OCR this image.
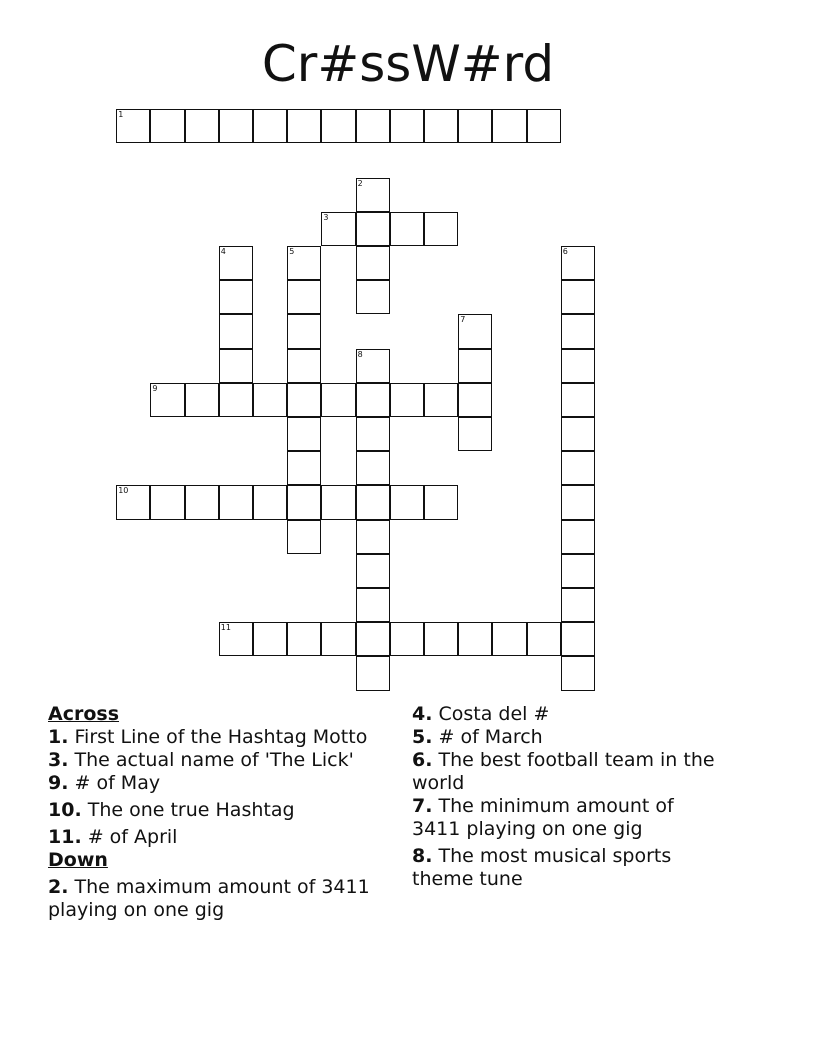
Cr#ssW#rd
1
2
3
4	5	6
7
8
9
10
11
Across
1. First Line of the Hashtag Motto
3. The actual name of 'The Lick'
9. # of May
10. The one true Hashtag
11. # of April
Down
2. The maximum amount of 3411 playing on one gig
4. Costa del #
5. # of March
6. The best football team in the world
7. The minimum amount of 3411 playing on one gig
8. The most musical sports theme tune
